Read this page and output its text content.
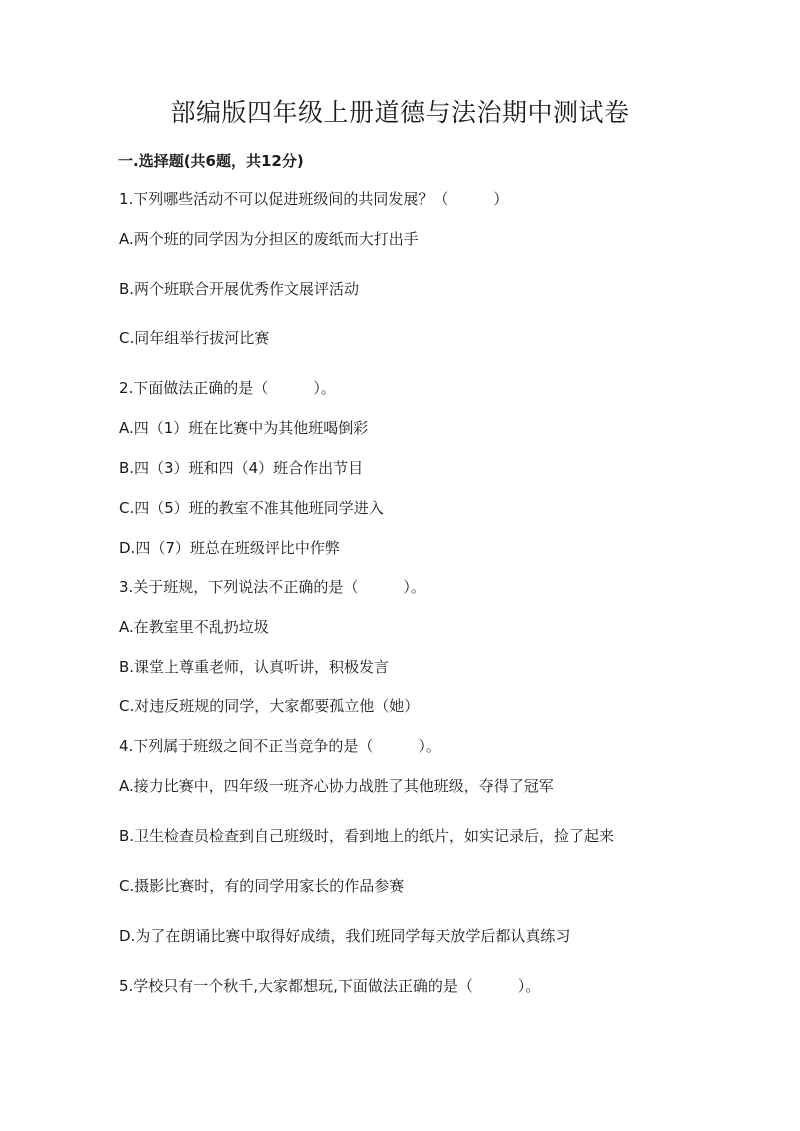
部编版四年级上册道德与法治期中测试卷
一.选择题(共6题，共12分)
1.下列哪些活动不可以促进班级间的共同发展？（　　　）
A.两个班的同学因为分担区的废纸而大打出手
B.两个班联合开展优秀作文展评活动
C.同年组举行拔河比赛
2.下面做法正确的是（　　　）。
A.四（1）班在比赛中为其他班喝倒彩
B.四（3）班和四（4）班合作出节目
C.四（5）班的教室不准其他班同学进入
D.四（7）班总在班级评比中作弊
3.关于班规，下列说法不正确的是（　　　）。
A.在教室里不乱扔垃圾
B.课堂上尊重老师，认真听讲，积极发言
C.对违反班规的同学，大家都要孤立他（她）
4.下列属于班级之间不正当竞争的是（　　　）。
A.接力比赛中，四年级一班齐心协力战胜了其他班级，夺得了冠军
B.卫生检查员检查到自己班级时，看到地上的纸片，如实记录后，捡了起来
C.摄影比赛时，有的同学用家长的作品参赛
D.为了在朗诵比赛中取得好成绩，我们班同学每天放学后都认真练习
5.学校只有一个秋千,大家都想玩,下面做法正确的是（　　　）。
